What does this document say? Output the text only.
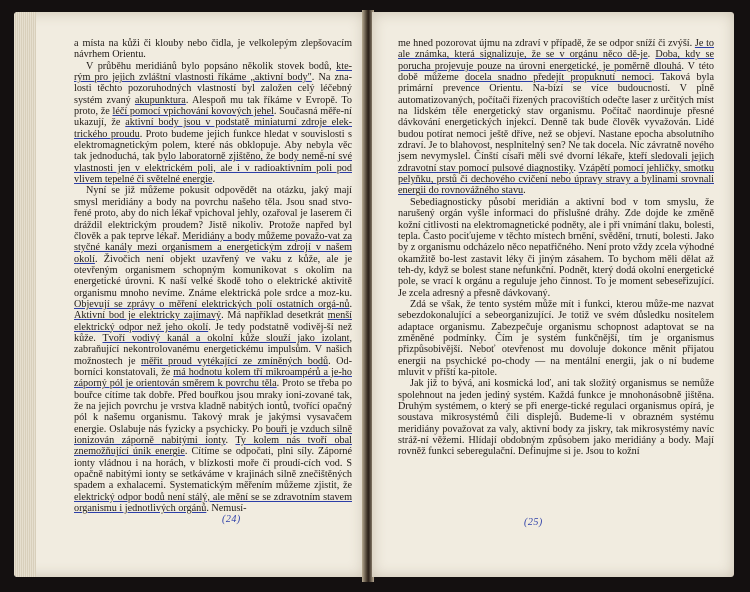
a místa na kůži či klouby nebo čidla, je velkolepým zlepšovacím návrhem Orientu.

V průběhu meridiánů bylo popsáno několik stovek bodů, kte-rým pro jejich zvláštní vlastnosti říkáme „aktivní body". Na zna-losti těchto pozoruhodných vlastností byl založen celý léčebný systém zvaný akupunktura. Alespoň mu tak říkáme v Evropě. To proto, že léčí pomocí vpichování kovových jehel. Současná měře-ní ukazují, že aktivní body jsou v podstatě miniaturní zdroje elek-trického proudu. Proto budeme jejich funkce hledat v souvislosti s elektromagnetickým polem, které nás obklopuje. Aby nebyla věc tak jednoduchá, tak bylo laboratorně zjištěno, že body nemě-ní své vlastnosti jen v elektrickém poli, ale i v radioaktivním poli pod vlivem tepelné či světelné energie.

Nyní se již můžeme pokusit odpovědět na otázku, jaký mají smysl meridiány a body na povrchu našeho těla. Jsou snad stvo-řené proto, aby do nich lékař vpichoval jehly, ozařoval je laserem či dráždil elektrickým proudem? Jistě nikoliv. Protože napřed byl člověk a pak teprve lékař. Meridiány a body můžeme považo-vat za styčné kanály mezi organismem a energetickým zdrojí v našem okolí. Živočich není objekt uzavřený ve vaku z kůže, ale je otevřeným organismem schopným komunikovat s okolím na energetické úrovni. K naší velké škodě toho o elektrické aktivitě organismu mnoho nevíme. Známe elektrická pole srdce a moz-ku. Objevují se zprávy o měření elektrických polí ostatních orgá-nů. Aktivní bod je elektricky zajímavý. Má například desetkrát menší elektrický odpor než jeho okolí. Je tedy podstatně vodivěj-ší než kůže. Tvoří vodivý kanál a okolní kůže slouží jako izolant, zabraňující nekontrolovanému energetickému impulsům. V našich možnostech je měřit proud vytékající ze zmíněných bodů. Od-borníci konstatovali, že má hodnotu kolem tří mikroampérů a je-ho záporný pól je orientován směrem k povrchu těla. Proto se třeba po bouřce cítíme tak dobře. Před bouřkou jsou mraky ioni-zované tak, že na jejich povrchu je vrstva kladně nabitých iontů, tvořící opačný pól k našemu organismu. Takový mrak je jakýmsi vysavačem energie. Oslabuje nás fyzicky a psychicky. Po bouři je vzduch silně ionizován záporně nabitými ionty. Ty kolem nás tvoří obal znemožňující únik energie. Cítíme se odpočati, plni síly. Záporné ionty vládnou i na horách, v blízkosti moře či proudí-cích vod. S opačně nabitými ionty se setkáváme v krajinách silně znečištěných spadem a exhalacemi. Systematickým měřením můžeme zjistit, že elektrický odpor bodů není stálý, ale mění se se zdravotním stavem organismu i jednotlivých orgánů. Nemusí-

(24)

me hned pozorovat újmu na zdraví v případě, že se odpor sníží či zvýší. Je to ale známka, která signalizuje, že se v orgánu něco dě-je. Doba, kdy se porucha projevuje pouze na úrovni energetické, je poměrně dlouhá. V této době můžeme docela snadno předejít propuknutí nemoci. Taková byla primární prevence Orientu. Na-bízí se více budoucností. V plně automatizovaných, počítači řízených pracovištích odečte laser z určitých míst na lidském těle energetický stav organismu. Počítač naordinuje přesné dávkování energetických injekcí. Denně tak bude člověk vyvažován. Lidé budou potírat nemoci ještě dříve, než se objeví. Nastane epocha absolutního zdraví. Je to blahovost, nesplnitelný sen? Ne tak docela. Nic závratně nového jsem nevymyslel. Čínští císaři měli své dvorní lékaře, kteří sledovali jejich zdravotní stav pomocí pulsové diagnostiky. Vzápětí pomocí jehličky, smotku pelyňku, prstů či dechového cvičení nebo úpravy stravy a bylinami srovnali energii do rovnovážného stavu.

Sebediagnosticky působí meridián a aktivní bod v tom smyslu, že narušený orgán vyšle informaci do příslušné dráhy. Zde dojde ke změně kožní citlivosti na elektromagnetické podněty, ale i při vnímání tlaku, bolesti, tepla. Často pociťujeme v těchto místech brnění, svědění, trnutí, bolesti. Jako by z organismu odcházelo něco nepatřičného. Není proto vždy zcela výhodné okamžitě bo-lest zastavit léky či jiným zásahem. To bychom měli dělat až teh-dy, když se bolest stane nefunkční. Podnět, který dodá okolní energetické pole, se vrací k orgánu a reguluje jeho činnost. To je moment sebeseřizující. Je zcela adresný a přesně dávkovaný.

Zdá se však, že tento systém může mít i funkci, kterou může-me nazvat sebezdokonalující a sebeorganizující. Je totiž ve svém důsledku nositelem adaptace organismu. Zabezpečuje organismu schopnost adaptovat se na změněné podmínky. Čím je systém funkčnější, tím je organismus přizpůsobivější. Neboť otevřenost mu dovoluje dokonce měnit přijatou energii na psychické po-chody — na mentální energii, jak o ní budeme mluvit v příští ka-pitole.

Jak již to bývá, ani kosmická loď, ani tak složitý organismus se nemůže spolehnout na jeden jediný systém. Každá funkce je mnohonásobně jištěna. Druhým systémem, o který se při energe-tické regulaci organismus opírá, je soustava mikrosystémů čili displejů. Budeme-li v obrazném systému meridiány považovat za valy, aktivní body za jiskry, tak mikrosystémy navíc stráž-ní věžemi. Hlídají obdobným způsobem jako meridiány a body. Mají rovněž funkci seberegulační. Definujme si je. Jsou to kožní

(25)
